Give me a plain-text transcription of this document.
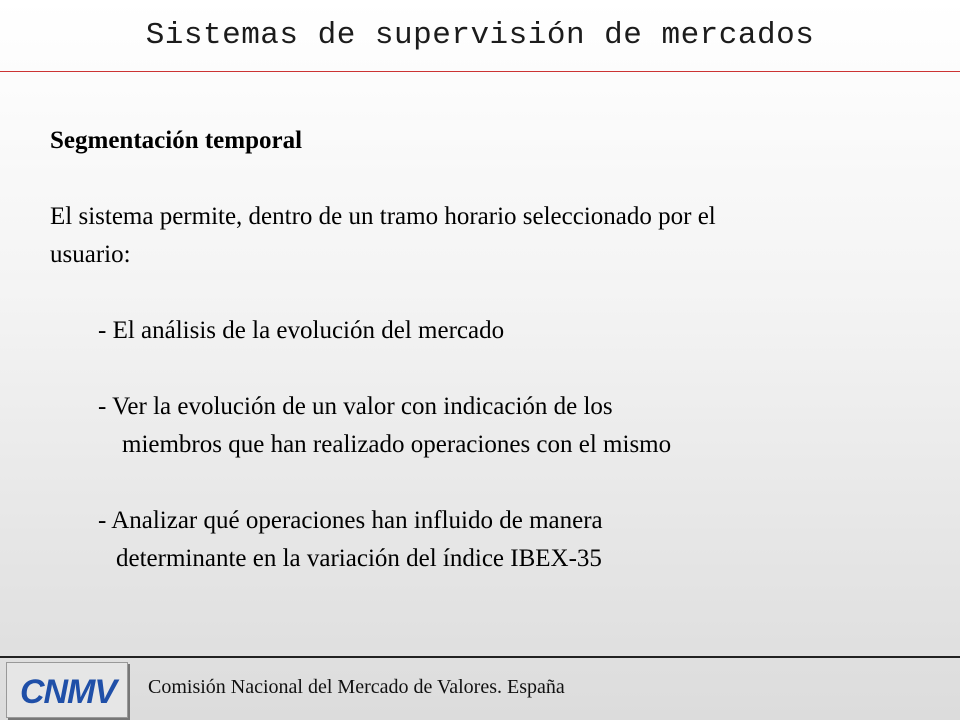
Sistemas de supervisión de mercados

Segmentación temporal

El sistema permite, dentro de un tramo horario seleccionado por el

usuario:

- El análisis de la evolución del mercado

- Ver la evolución de un valor con indicación de los

miembros que han realizado operaciones con el mismo

- Analizar qué operaciones han influido de manera

determinante en la variación del índice IBEX-35

CNMV Comisión Nacional del Mercado de Valores. España
